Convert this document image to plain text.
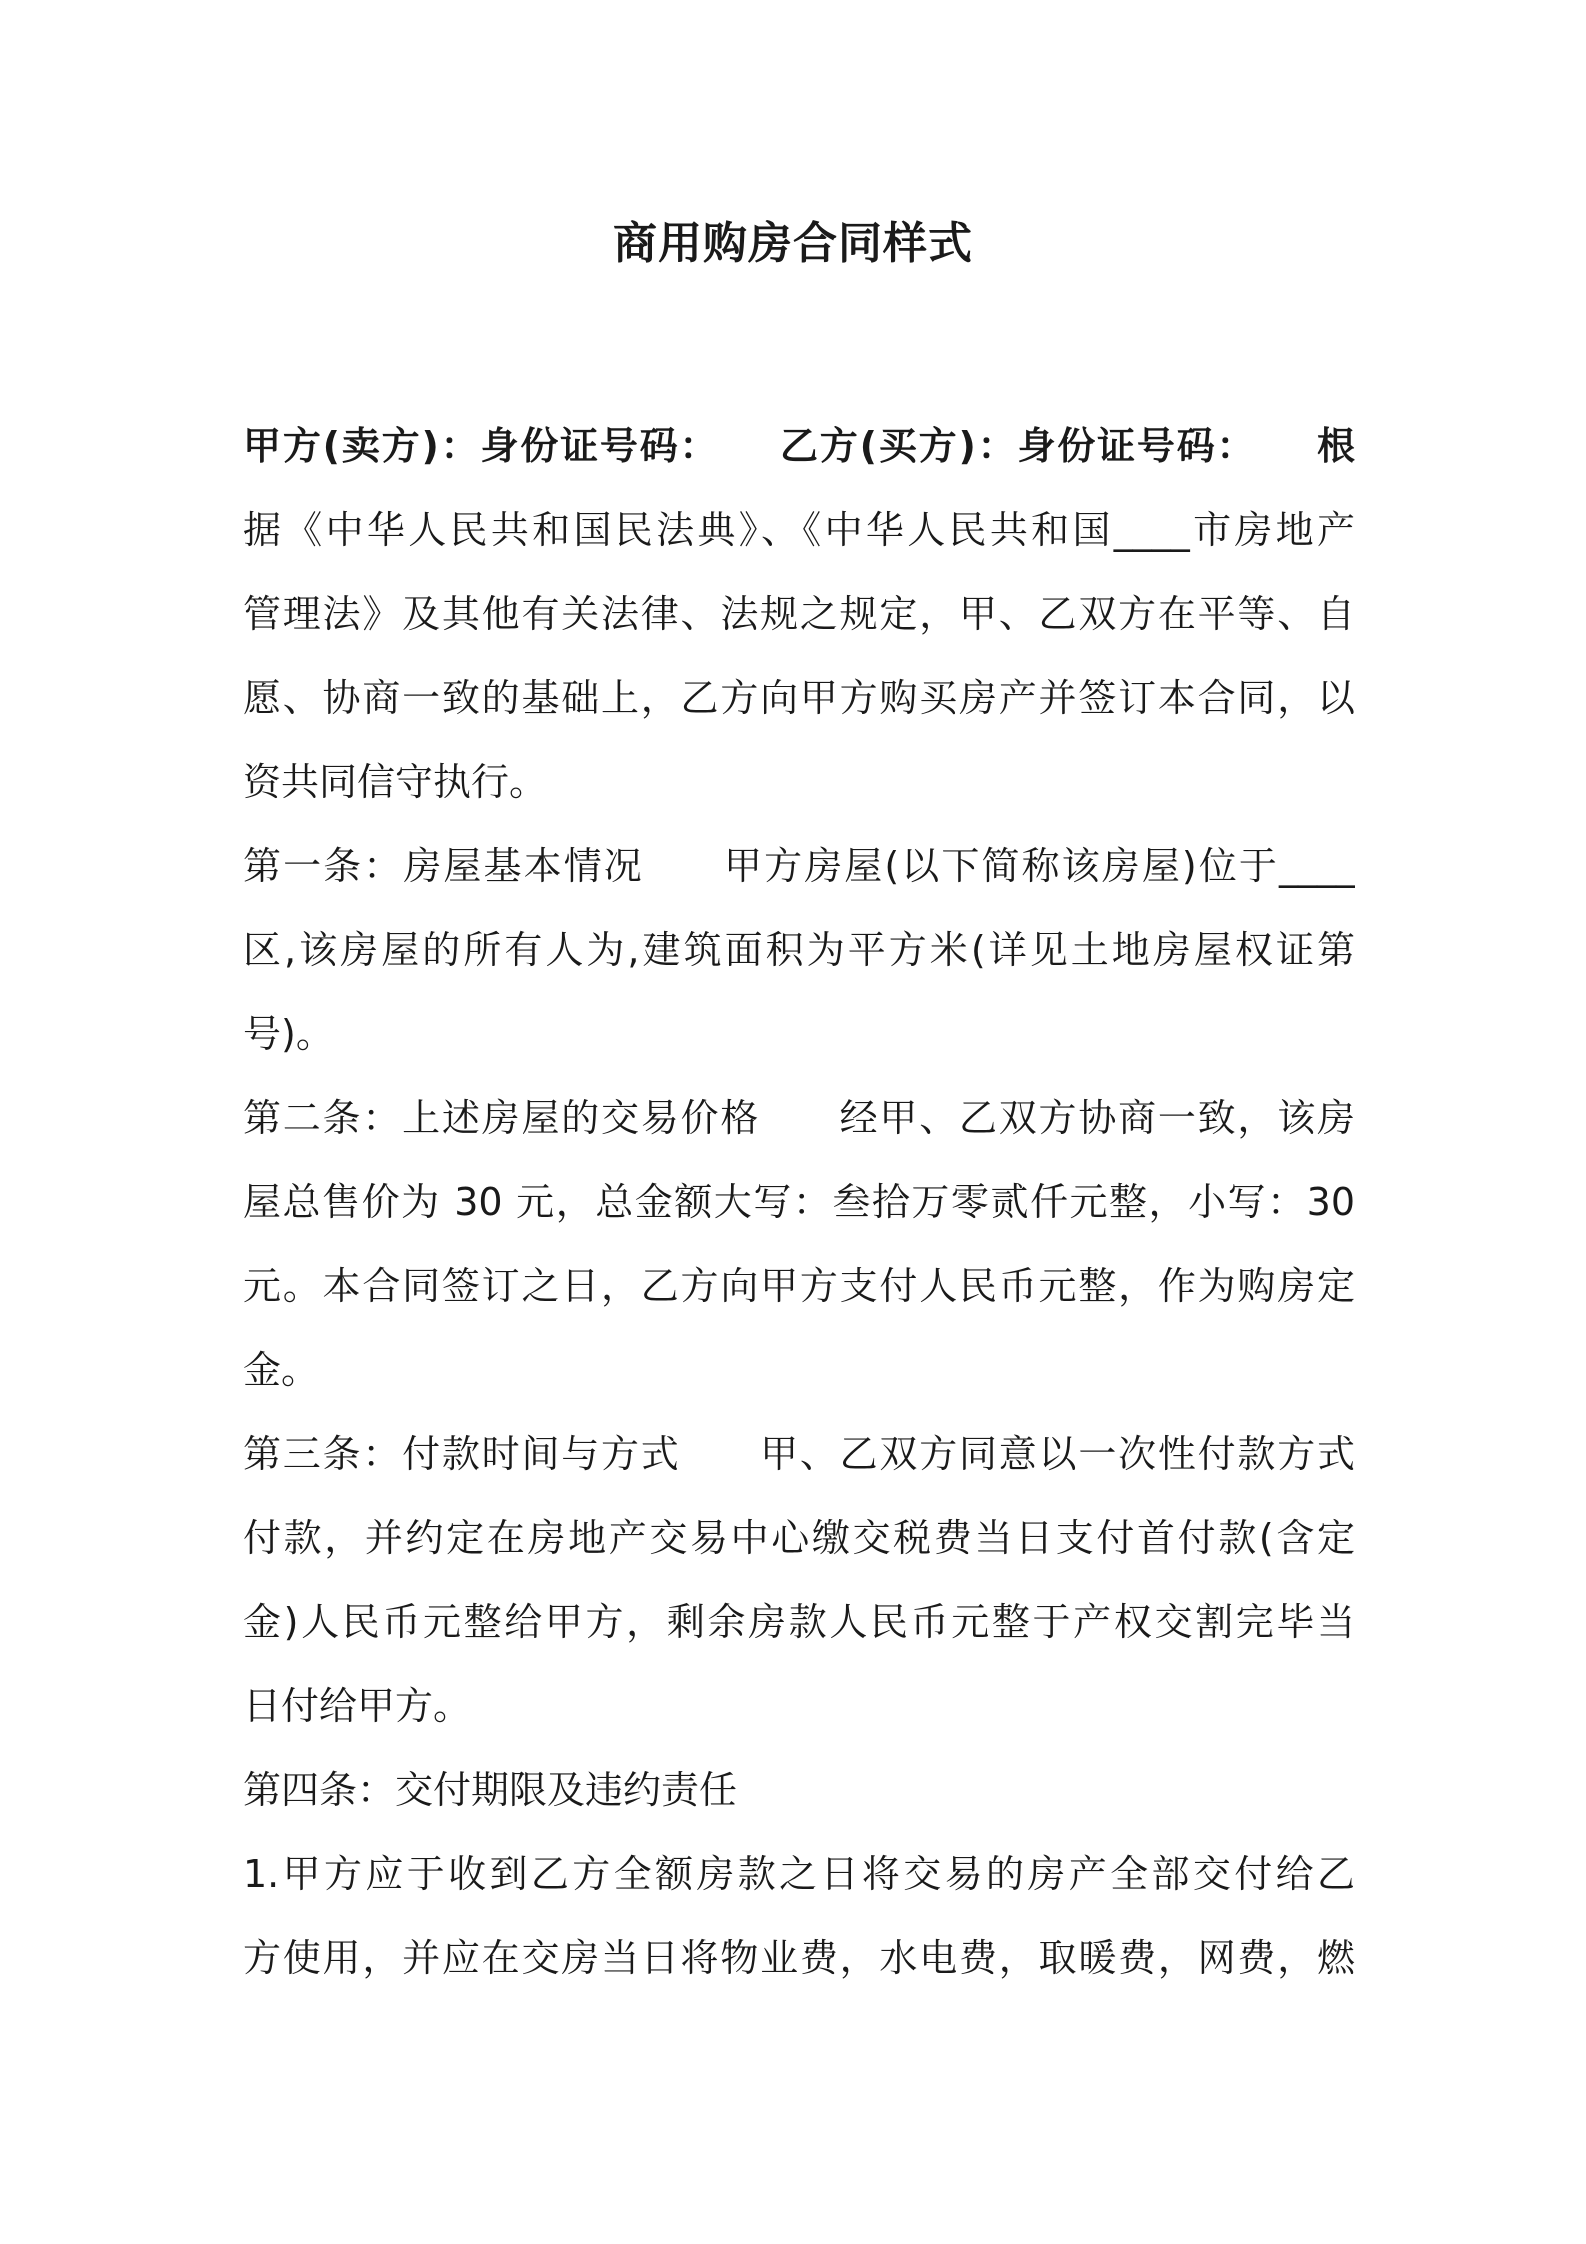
商用购房合同样式
甲方(卖方)：身份证号码：　　乙方(买方)：身份证号码：　　根
据《中华人民共和国民法典》、《中华人民共和国____市房地产
管理法》及其他有关法律、法规之规定，甲、乙双方在平等、自
愿、协商一致的基础上，乙方向甲方购买房产并签订本合同，以
资共同信守执行。
第一条：房屋基本情况　　甲方房屋(以下简称该房屋)位于____
区,该房屋的所有人为,建筑面积为平方米(详见土地房屋权证第
号)。
第二条：上述房屋的交易价格　　经甲、乙双方协商一致，该房
屋总售价为 30 元，总金额大写：叁拾万零贰仟元整，小写：30
元。本合同签订之日，乙方向甲方支付人民币元整，作为购房定
金。
第三条：付款时间与方式　　甲、乙双方同意以一次性付款方式
付款，并约定在房地产交易中心缴交税费当日支付首付款(含定
金)人民币元整给甲方，剩余房款人民币元整于产权交割完毕当
日付给甲方。
第四条：交付期限及违约责任
1.甲方应于收到乙方全额房款之日将交易的房产全部交付给乙
方使用，并应在交房当日将物业费，水电费，取暖费，网费，燃
